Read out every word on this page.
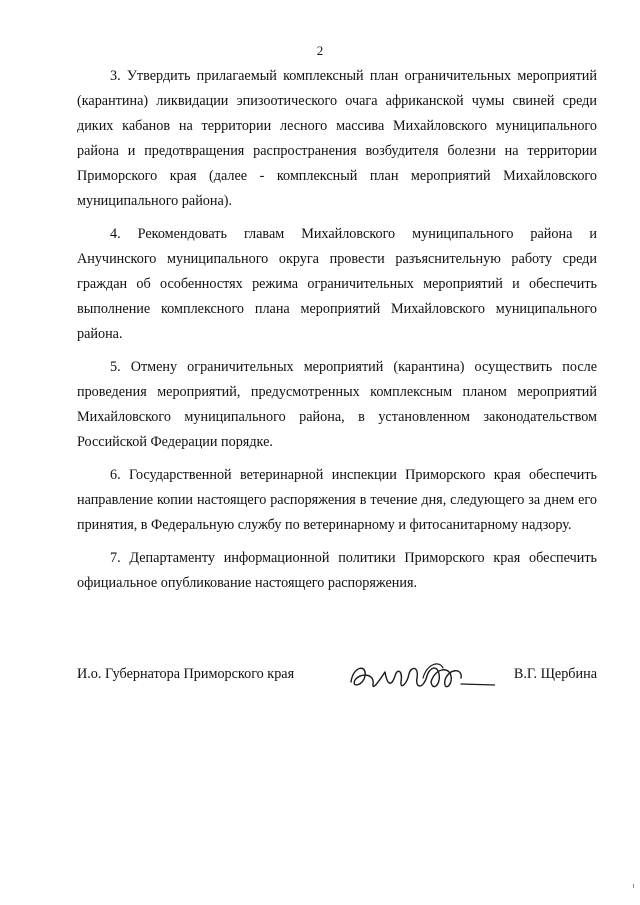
2

3. Утвердить прилагаемый комплексный план ограничительных мероприятий (карантина) ликвидации эпизоотического очага африканской чумы свиней среди диких кабанов на территории лесного массива Михайловского муниципального района и предотвращения распространения возбудителя болезни на территории Приморского края (далее - комплексный план мероприятий Михайловского муниципального района).

4. Рекомендовать главам Михайловского муниципального района и Анучинского муниципального округа провести разъяснительную работу среди граждан об особенностях режима ограничительных мероприятий и обеспечить выполнение комплексного плана мероприятий Михайловского муниципального района.

5. Отмену ограничительных мероприятий (карантина) осуществить после проведения мероприятий, предусмотренных комплексным планом мероприятий Михайловского муниципального района, в установленном законодательством Российской Федерации порядке.

6. Государственной ветеринарной инспекции Приморского края обеспечить направление копии настоящего распоряжения в течение дня, следующего за днем его принятия, в Федеральную службу по ветеринарному и фитосанитарному надзору.

7. Департаменту информационной политики Приморского края обеспечить официальное опубликование настоящего распоряжения.

И.о. Губернатора Приморского края	В.Г. Щербина
